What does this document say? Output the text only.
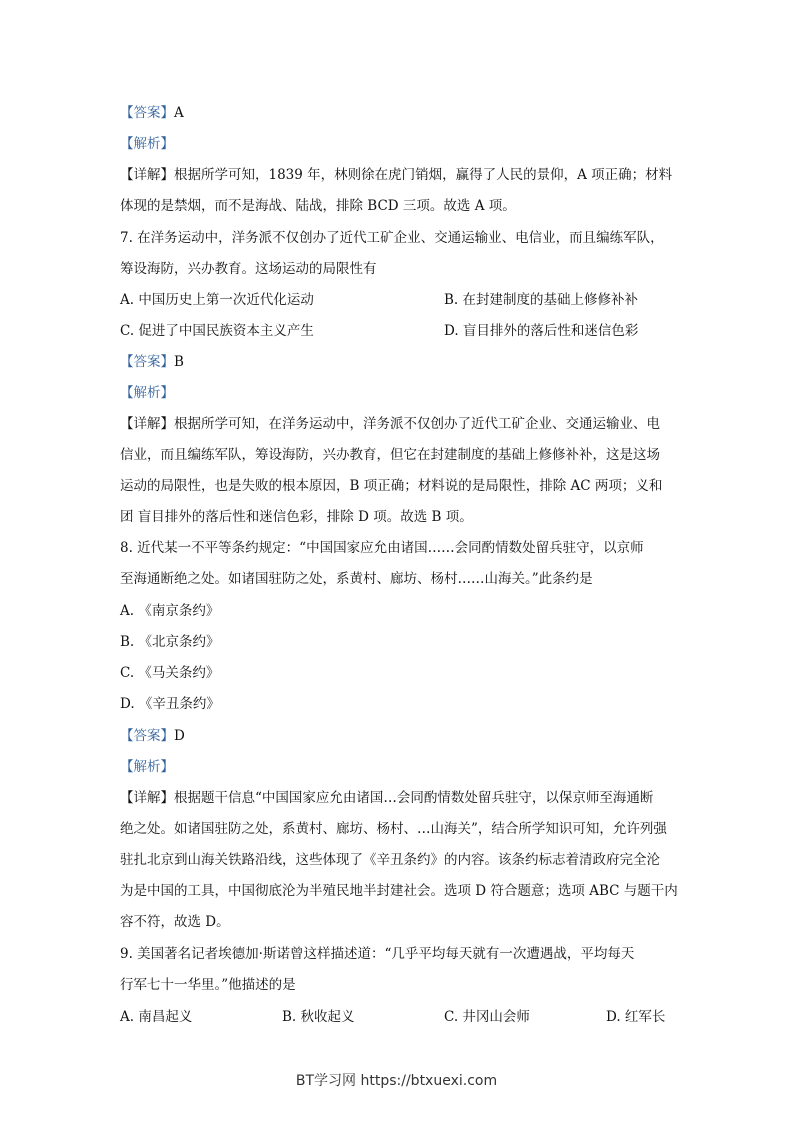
【答案】A
【解析】
【详解】根据所学可知，1839 年，林则徐在虎门销烟，赢得了人民的景仰，A 项正确；材料
体现的是禁烟，而不是海战、陆战，排除 BCD 三项。故选 A 项。
7. 在洋务运动中，洋务派不仅创办了近代工矿企业、交通运输业、电信业，而且编练军队，
筹设海防，兴办教育。这场运动的局限性有
A. 中国历史上第一次近代化运动	B. 在封建制度的基础上修修补补
C. 促进了中国民族资本主义产生	D. 盲目排外的落后性和迷信色彩
【答案】B
【解析】
【详解】根据所学可知，在洋务运动中，洋务派不仅创办了近代工矿企业、交通运输业、电
信业，而且编练军队，筹设海防，兴办教育，但它在封建制度的基础上修修补补，这是这场
运动的局限性，也是失败的根本原因，B 项正确；材料说的是局限性，排除 AC 两项；义和
团 盲目排外的落后性和迷信色彩，排除 D 项。故选 B 项。
8. 近代某一不平等条约规定：“中国国家应允由诸国……会同酌情数处留兵驻守，以京师
至海通断绝之处。如诸国驻防之处，系黄村、廊坊、杨村……山海关。”此条约是
A. 《南京条约》
B. 《北京条约》
C. 《马关条约》
D. 《辛丑条约》
【答案】D
【解析】
【详解】根据题干信息“中国国家应允由诸国…会同酌情数处留兵驻守，以保京师至海通断
绝之处。如诸国驻防之处，系黄村、廊坊、杨村、…山海关”，结合所学知识可知，允许列强
驻扎北京到山海关铁路沿线，这些体现了《辛丑条约》的内容。该条约标志着清政府完全沦
为是中国的工具，中国彻底沦为半殖民地半封建社会。选项 D 符合题意；选项 ABC 与题干内
容不符，故选 D。
9. 美国著名记者埃德加·斯诺曾这样描述道：“几乎平均每天就有一次遭遇战，平均每天
行军七十一华里。”他描述的是
A. 南昌起义	B. 秋收起义	C. 井冈山会师	D. 红军长
BT学习网 https://btxuexi.com
